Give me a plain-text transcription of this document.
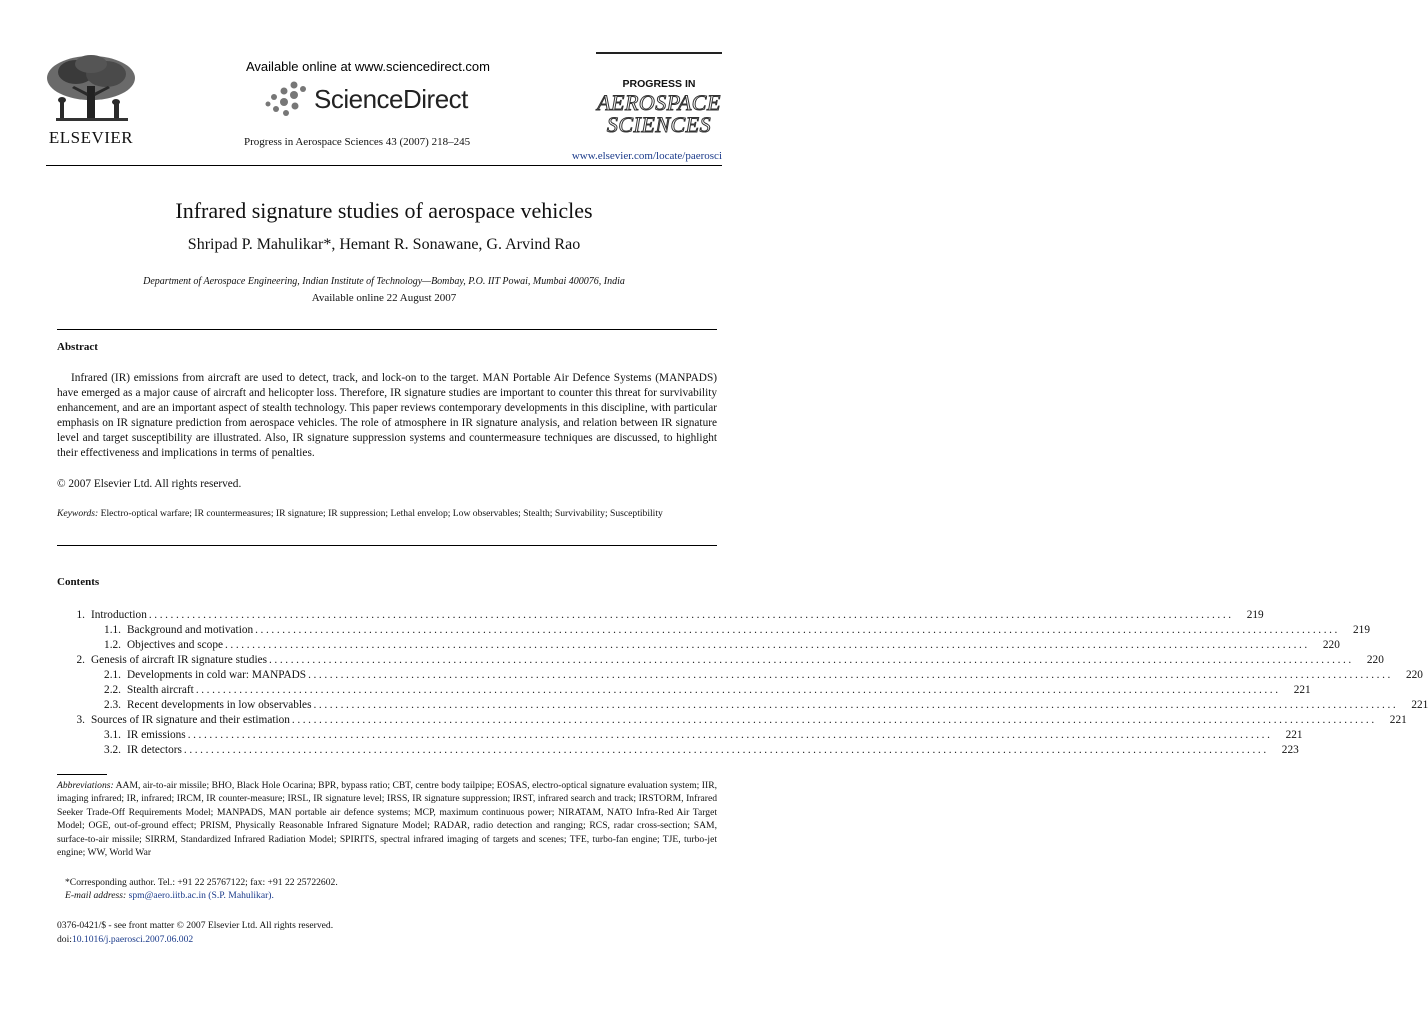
ELSEVIER
Available online at www.sciencedirect.com
ScienceDirect
Progress in Aerospace Sciences 43 (2007) 218–245
PROGRESS IN
AEROSPACE
SCIENCES
www.elsevier.com/locate/paerosci
Infrared signature studies of aerospace vehicles
Shripad P. Mahulikar*, Hemant R. Sonawane, G. Arvind Rao
Department of Aerospace Engineering, Indian Institute of Technology—Bombay, P.O. IIT Powai, Mumbai 400076, India
Available online 22 August 2007
Abstract
Infrared (IR) emissions from aircraft are used to detect, track, and lock-on to the target. MAN Portable Air Defence Systems (MANPADS) have emerged as a major cause of aircraft and helicopter loss. Therefore, IR signature studies are important to counter this threat for survivability enhancement, and are an important aspect of stealth technology. This paper reviews contemporary developments in this discipline, with particular emphasis on IR signature prediction from aerospace vehicles. The role of atmosphere in IR signature analysis, and relation between IR signature level and target susceptibility are illustrated. Also, IR signature suppression systems and countermeasure techniques are discussed, to highlight their effectiveness and implications in terms of penalties.
© 2007 Elsevier Ltd. All rights reserved.
Keywords: Electro-optical warfare; IR countermeasures; IR signature; IR suppression; Lethal envelop; Low observables; Stealth; Survivability; Susceptibility
Contents
1. Introduction ........................................................................................................................................................................................................	219
1.1. Background and motivation ........................................................................................................................................................................................................	219
1.2. Objectives and scope ........................................................................................................................................................................................................	220
2. Genesis of aircraft IR signature studies ........................................................................................................................................................................................................	220
2.1. Developments in cold war: MANPADS ........................................................................................................................................................................................................	220
2.2. Stealth aircraft ........................................................................................................................................................................................................	221
2.3. Recent developments in low observables ........................................................................................................................................................................................................	221
3. Sources of IR signature and their estimation ........................................................................................................................................................................................................	221
3.1. IR emissions ........................................................................................................................................................................................................	221
3.2. IR detectors ........................................................................................................................................................................................................	223
Abbreviations: AAM, air-to-air missile; BHO, Black Hole Ocarina; BPR, bypass ratio; CBT, centre body tailpipe; EOSAS, electro-optical signature evaluation system; IIR, imaging infrared; IR, infrared; IRCM, IR counter-measure; IRSL, IR signature level; IRSS, IR signature suppression; IRST, infrared search and track; IRSTORM, Infrared Seeker Trade-Off Requirements Model; MANPADS, MAN portable air defence systems; MCP, maximum continuous power; NIRATAM, NATO Infra-Red Air Target Model; OGE, out-of-ground effect; PRISM, Physically Reasonable Infrared Signature Model; RADAR, radio detection and ranging; RCS, radar cross-section; SAM, surface-to-air missile; SIRRM, Standardized Infrared Radiation Model; SPIRITS, spectral infrared imaging of targets and scenes; TFE, turbo-fan engine; TJE, turbo-jet engine; WW, World War
*Corresponding author. Tel.: +91 22 25767122; fax: +91 22 25722602.
E-mail address: spm@aero.iitb.ac.in (S.P. Mahulikar).
0376-0421/$ - see front matter © 2007 Elsevier Ltd. All rights reserved.
doi:10.1016/j.paerosci.2007.06.002
